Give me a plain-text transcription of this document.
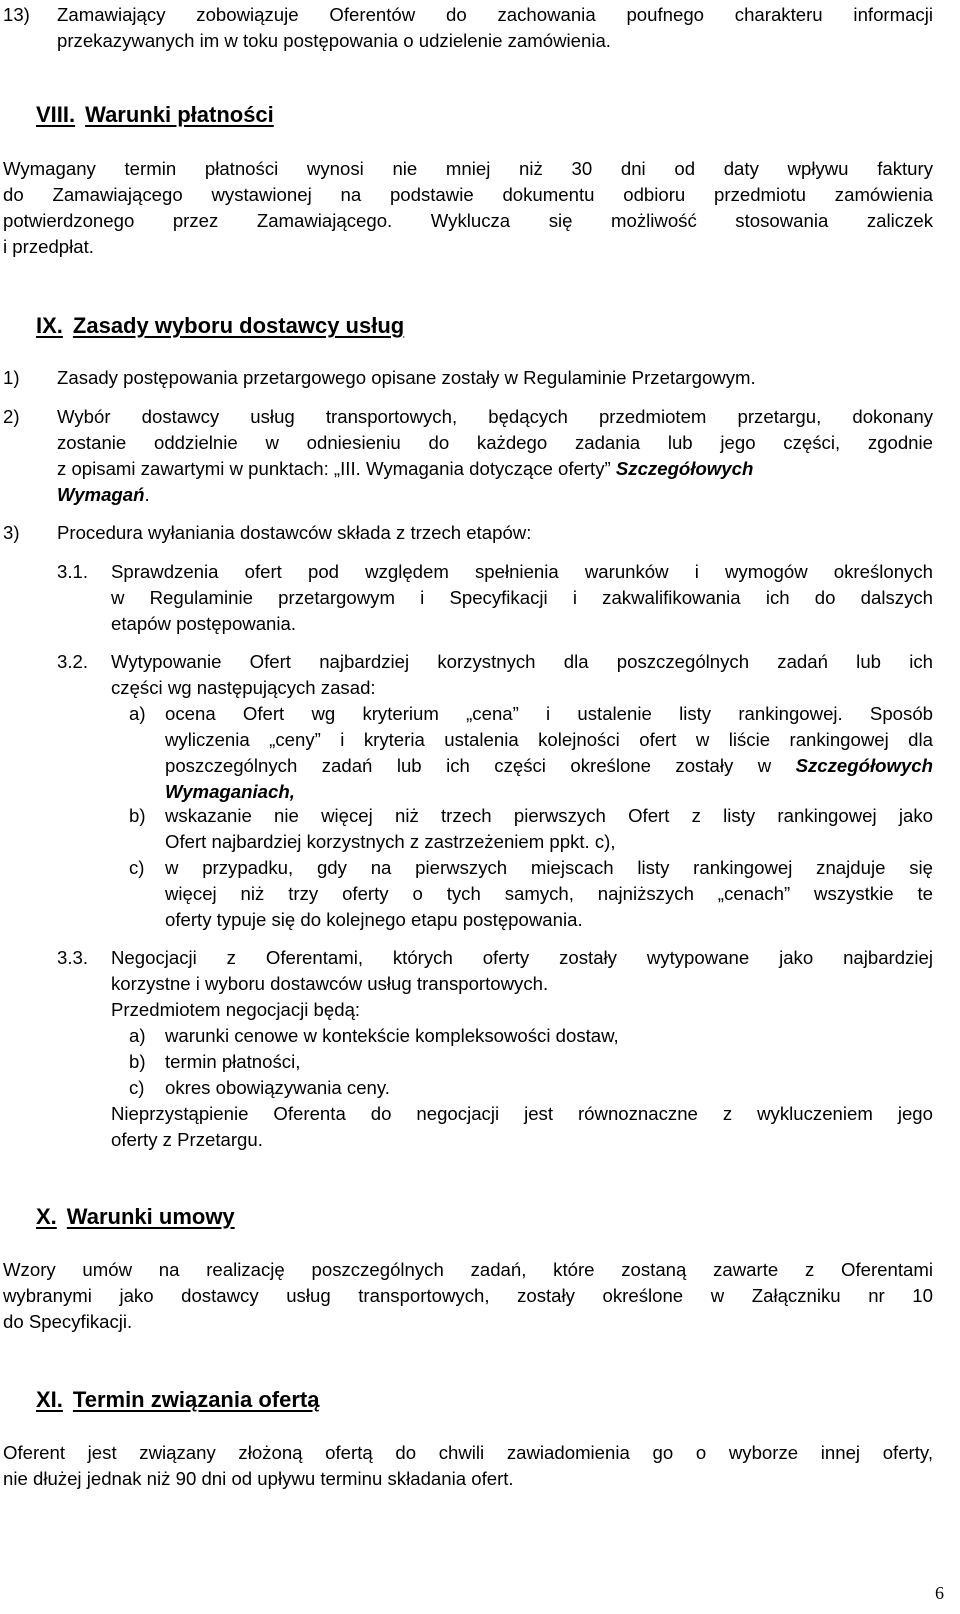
13) Zamawiający zobowiązuje Oferentów do zachowania poufnego charakteru informacji
przekazywanych im w toku postępowania o udzielenie zamówienia.
VIII. Warunki płatności
Wymagany termin płatności wynosi nie mniej niż 30 dni od daty wpływu faktury
do Zamawiającego wystawionej na podstawie dokumentu odbioru przedmiotu zamówienia
potwierdzonego przez Zamawiającego. Wyklucza się możliwość stosowania zaliczek
i przedpłat.
IX. Zasady wyboru dostawcy usług
1) Zasady postępowania przetargowego opisane zostały w Regulaminie Przetargowym.
2) Wybór dostawcy usług transportowych, będących przedmiotem przetargu, dokonany
zostanie oddzielnie w odniesieniu do każdego zadania lub jego części, zgodnie
z opisami zawartymi w punktach: „III. Wymagania dotyczące oferty” Szczegółowych
Wymagań.
3) Procedura wyłaniania dostawców składa z trzech etapów:
3.1. Sprawdzenia ofert pod względem spełnienia warunków i wymogów określonych
w Regulaminie przetargowym i Specyfikacji i zakwalifikowania ich do dalszych
etapów postępowania.
3.2. Wytypowanie Ofert najbardziej korzystnych dla poszczególnych zadań lub ich
części wg następujących zasad:
a) ocena Ofert wg kryterium „cena” i ustalenie listy rankingowej. Sposób
wyliczenia „ceny” i kryteria ustalenia kolejności ofert w liście rankingowej dla
poszczególnych zadań lub ich części określone zostały w Szczegółowych
Wymaganiach,
b) wskazanie nie więcej niż trzech pierwszych Ofert z listy rankingowej jako
Ofert najbardziej korzystnych z zastrzeżeniem ppkt. c),
c) w przypadku, gdy na pierwszych miejscach listy rankingowej znajduje się
więcej niż trzy oferty o tych samych, najniższych „cenach” wszystkie te
oferty typuje się do kolejnego etapu postępowania.
3.3. Negocjacji z Oferentami, których oferty zostały wytypowane jako najbardziej
korzystne i wyboru dostawców usług transportowych.
Przedmiotem negocjacji będą:
a) warunki cenowe w kontekście kompleksowości dostaw,
b) termin płatności,
c) okres obowiązywania ceny.
Nieprzystąpienie Oferenta do negocjacji jest równoznaczne z wykluczeniem jego
oferty z Przetargu.
X. Warunki umowy
Wzory umów na realizację poszczególnych zadań, które zostaną zawarte z Oferentami
wybranymi jako dostawcy usług transportowych, zostały określone w Załączniku nr 10
do Specyfikacji.
XI. Termin związania ofertą
Oferent jest związany złożoną ofertą do chwili zawiadomienia go o wyborze innej oferty,
nie dłużej jednak niż 90 dni od upływu terminu składania ofert.
6
